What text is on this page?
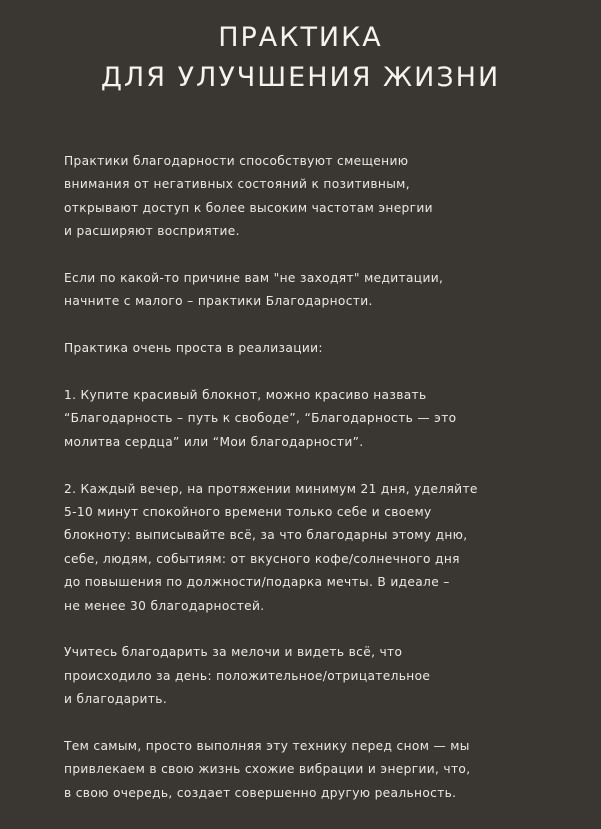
ПРАКТИКА
ДЛЯ УЛУЧШЕНИЯ ЖИЗНИ

Практики благодарности способствуют смещению
внимания от негативных состояний к позитивным,
открывают доступ к более высоким частотам энергии
и расширяют восприятие.

Если по какой-то причине вам "не заходят" медитации,
начните с малого – практики Благодарности.

Практика очень проста в реализации:

1. Купите красивый блокнот, можно красиво назвать
“Благодарность – путь к свободе”, “Благодарность — это
молитва сердца” или “Мои благодарности”.

2. Каждый вечер, на протяжении минимум 21 дня, уделяйте
5-10 минут спокойного времени только себе и своему
блокноту: выписывайте всё, за что благодарны этому дню,
себе, людям, событиям: от вкусного кофе/солнечного дня
до повышения по должности/подарка мечты. В идеале –
не менее 30 благодарностей.

Учитесь благодарить за мелочи и видеть всё, что
происходило за день: положительное/отрицательное
и благодарить.

Тем самым, просто выполняя эту технику перед сном — мы
привлекаем в свою жизнь схожие вибрации и энергии, что,
в свою очередь, создает совершенно другую реальность.
